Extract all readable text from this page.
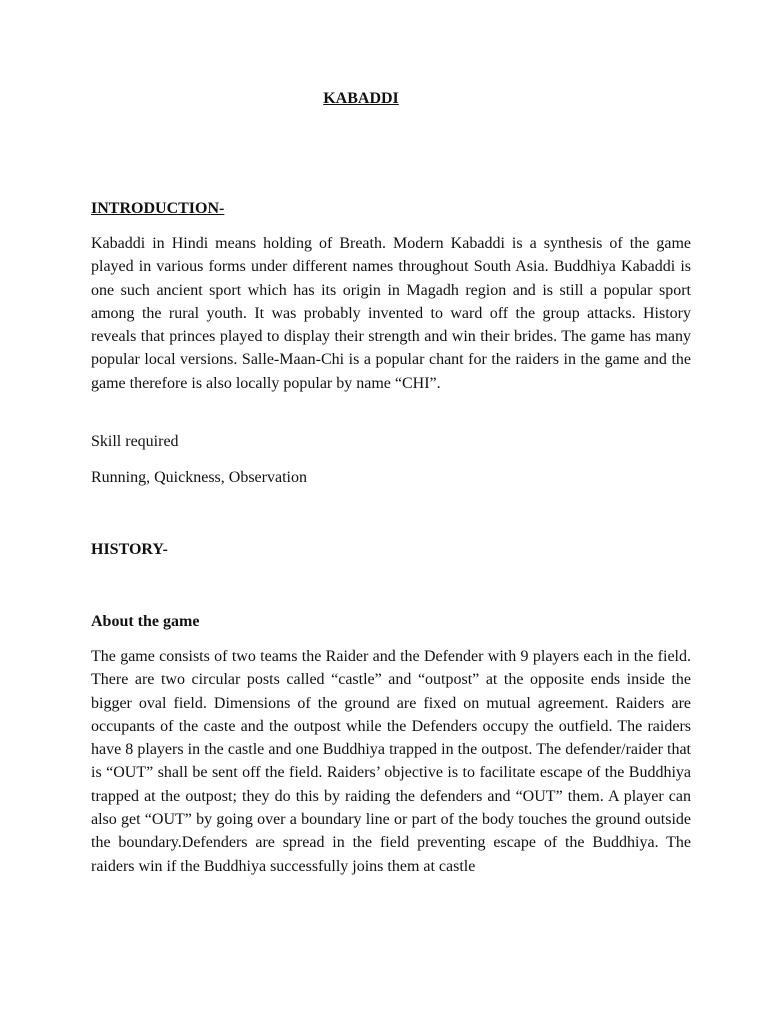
KABADDI

INTRODUCTION-

Kabaddi in Hindi means holding of Breath. Modern Kabaddi is a synthesis of the game played in various forms under different names throughout South Asia. Buddhiya Kabaddi is one such ancient sport which has its origin in Magadh region and is still a popular sport among the rural youth. It was probably invented to ward off the group attacks. History reveals that princes played to display their strength and win their brides. The game has many popular local versions. Salle-Maan-Chi is a popular chant for the raiders in the game and the game therefore is also locally popular by name “CHI”.

Skill required

Running, Quickness, Observation

HISTORY-

About the game

The game consists of two teams the Raider and the Defender with 9 players each in the field. There are two circular posts called “castle” and “outpost” at the opposite ends inside the bigger oval field. Dimensions of the ground are fixed on mutual agreement. Raiders are occupants of the caste and the outpost while the Defenders occupy the outfield. The raiders have 8 players in the castle and one Buddhiya trapped in the outpost. The defender/raider that is “OUT” shall be sent off the field. Raiders’ objective is to facilitate escape of the Buddhiya trapped at the outpost; they do this by raiding the defenders and “OUT” them. A player can also get “OUT” by going over a boundary line or part of the body touches the ground outside the boundary.Defenders are spread in the field preventing escape of the Buddhiya. The raiders win if the Buddhiya successfully joins them at castle
